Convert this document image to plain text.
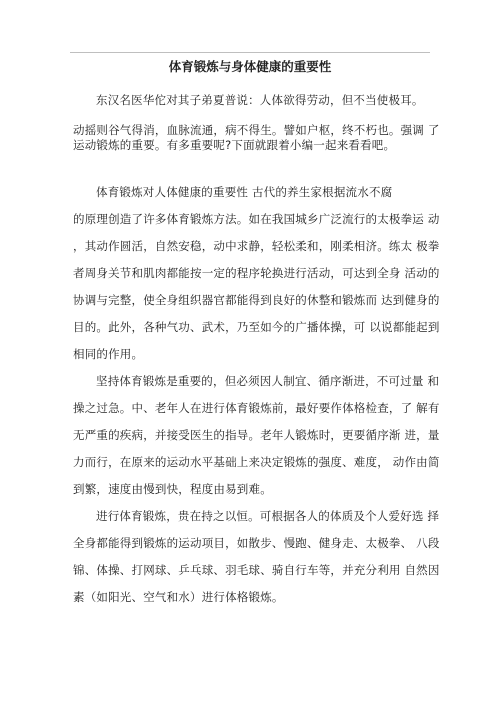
体育锻炼与身体健康的重要性
东汉名医华佗对其子弟夏普说：人体欲得劳动，但不当使极耳。
动摇则谷气得消，血脉流通，病不得生。譬如户枢，终不朽也。强调 了
运动锻炼的重要。有多重要呢?下面就跟着小编一起来看看吧。
体育锻炼对人体健康的重要性 古代的养生家根据流水不腐
的原理创造了许多体育锻炼方法。如在我国城乡广泛流行的太极拳运 动
，其动作圆活，自然安稳，动中求静，轻松柔和，刚柔相济。练太 极拳
者周身关节和肌肉都能按一定的程序轮换进行活动，可达到全身 活动的
协调与完整，使全身组织器官都能得到良好的休整和锻炼而 达到健身的
目的。此外，各种气功、武术，乃至如今的广播体操，可 以说都能起到
相同的作用。
坚持体育锻炼是重要的，但必须因人制宜、循序渐进，不可过量 和
操之过急。中、老年人在进行体育锻炼前，最好要作体格检查，了 解有
无严重的疾病，并接受医生的指导。老年人锻炼时，更要循序渐 进，量
力而行，在原来的运动水平基础上来决定锻炼的强度、难度， 动作由简
到繁，速度由慢到快，程度由易到难。
进行体育锻炼，贵在持之以恒。可根据各人的体质及个人爱好选 择
全身都能得到锻炼的运动项目，如散步、慢跑、健身走、太极拳、 八段
锦、体操、打网球、乒乓球、羽毛球、骑自行车等，并充分利用 自然因
素（如阳光、空气和水）进行体格锻炼。
